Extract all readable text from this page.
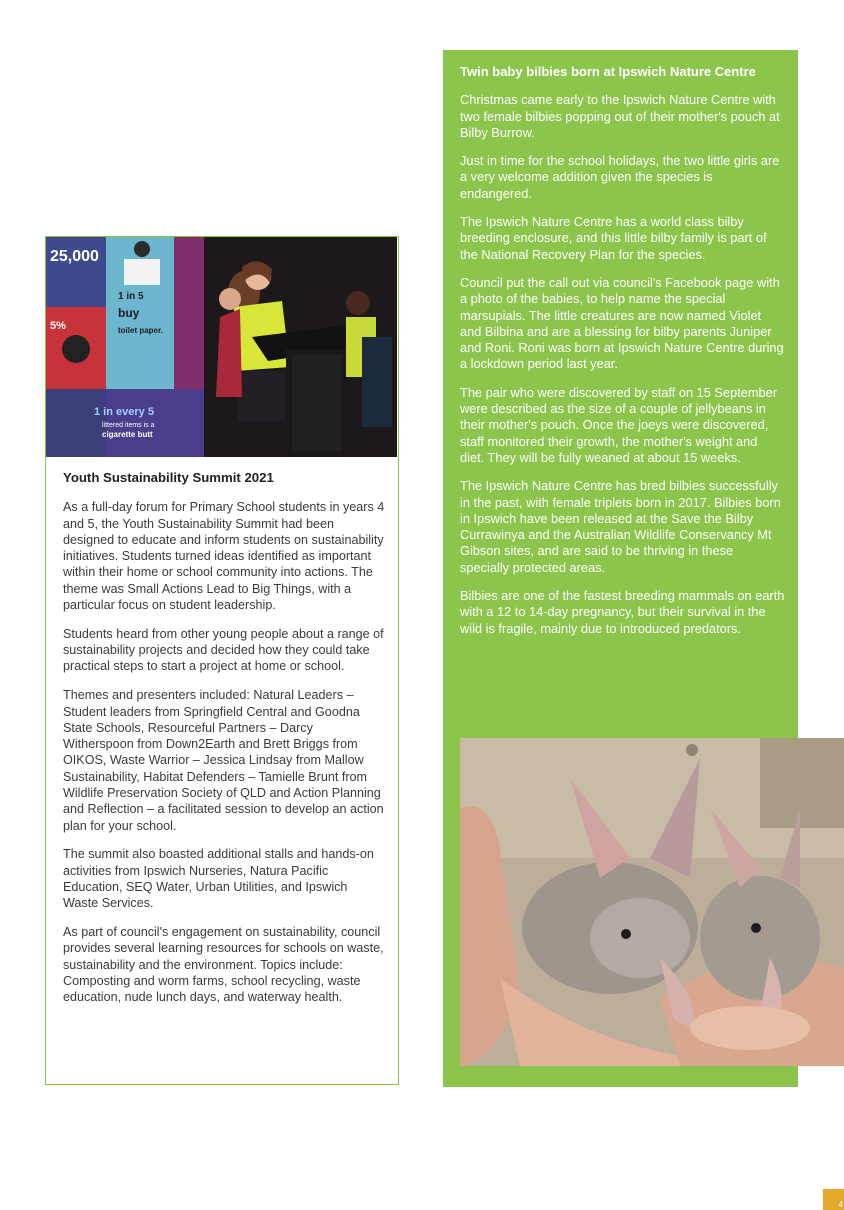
25,000
5%
1 in 5
buy
toilet paper.
1 in every 5
littered items is a
cigarette butt
Youth Sustainability Summit 2021

As a full-day forum for Primary School students in years 4 and 5, the Youth Sustainability Summit had been designed to educate and inform students on sustainability initiatives. Students turned ideas identified as important within their home or school community into actions. The theme was Small Actions Lead to Big Things, with a particular focus on student leadership.

Students heard from other young people about a range of sustainability projects and decided how they could take practical steps to start a project at home or school.

Themes and presenters included: Natural Leaders – Student leaders from Springfield Central and Goodna State Schools, Resourceful Partners – Darcy Witherspoon from Down2Earth and Brett Briggs from OIKOS, Waste Warrior – Jessica Lindsay from Mallow Sustainability, Habitat Defenders – Tamielle Brunt from Wildlife Preservation Society of QLD and Action Planning and Reflection – a facilitated session to develop an action plan for your school.

The summit also boasted additional stalls and hands-on activities from Ipswich Nurseries, Natura Pacific Education, SEQ Water, Urban Utilities, and Ipswich Waste Services.

As part of council's engagement on sustainability, council provides several learning resources for schools on waste, sustainability and the environment. Topics include: Composting and worm farms, school recycling, waste education, nude lunch days, and waterway health.

Twin baby bilbies born at Ipswich Nature Centre

Christmas came early to the Ipswich Nature Centre with two female bilbies popping out of their mother's pouch at Bilby Burrow.

Just in time for the school holidays, the two little girls are a very welcome addition given the species is endangered.

The Ipswich Nature Centre has a world class bilby breeding enclosure, and this little bilby family is part of the National Recovery Plan for the species.

Council put the call out via council's Facebook page with a photo of the babies, to help name the special marsupials. The little creatures are now named Violet and Bilbina and are a blessing for bilby parents Juniper and Roni. Roni was born at Ipswich Nature Centre during a lockdown period last year.

The pair who were discovered by staff on 15 September were described as the size of a couple of jellybeans in their mother's pouch. Once the joeys were discovered, staff monitored their growth, the mother's weight and diet. They will be fully weaned at about 15 weeks.

The Ipswich Nature Centre has bred bilbies successfully in the past, with female triplets born in 2017. Bilbies born in Ipswich have been released at the Save the Bilby Currawinya and the Australian Wildlife Conservancy Mt Gibson sites, and are said to be thriving in these specially protected areas.

Bilbies are one of the fastest breeding mammals on earth with a 12 to 14-day pregnancy, but their survival in the wild is fragile, mainly due to introduced predators.

4
